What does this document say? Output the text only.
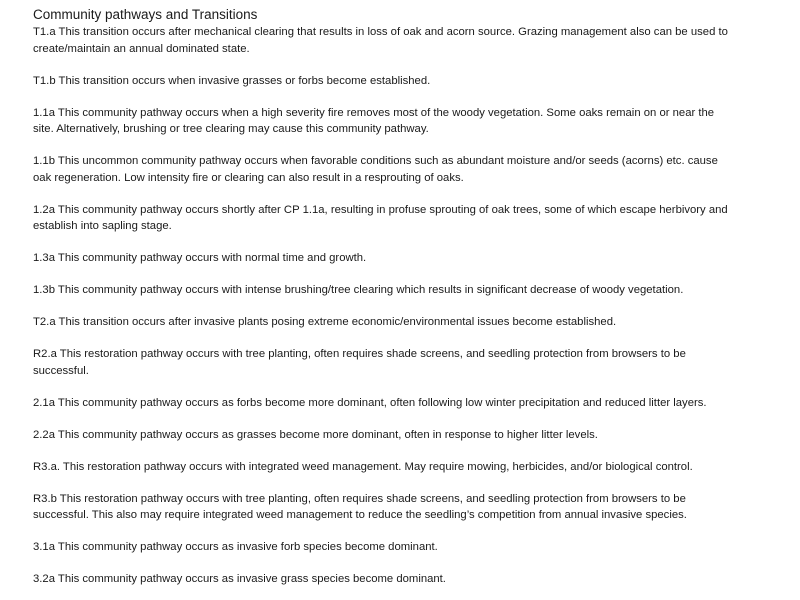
Community pathways and Transitions
T1.a This transition occurs after mechanical clearing that results in loss of oak and acorn source. Grazing management also can be used to
create/maintain an annual dominated state.
T1.b This transition occurs when invasive grasses or forbs become established.
1.1a This community pathway occurs when a high severity fire removes most of the woody vegetation. Some oaks remain on or near the
site. Alternatively, brushing or tree clearing may cause this community pathway.
1.1b This uncommon community pathway occurs when favorable conditions such as abundant moisture and/or seeds (acorns) etc. cause
oak regeneration. Low intensity fire or clearing can also result in a resprouting of oaks.
1.2a This community pathway occurs shortly after CP 1.1a, resulting in profuse sprouting of oak trees, some of which escape herbivory and
establish into sapling stage.
1.3a This community pathway occurs with normal time and growth.
1.3b This community pathway occurs with intense brushing/tree clearing which results in significant decrease of woody vegetation.
T2.a This transition occurs after invasive plants posing extreme economic/environmental issues become established.
R2.a This restoration pathway occurs with tree planting, often requires shade screens, and seedling protection from browsers to be
successful.
2.1a This community pathway occurs as forbs become more dominant, often following low winter precipitation and reduced litter layers.
2.2a This community pathway occurs as grasses become more dominant, often in response to higher litter levels.
R3.a. This restoration pathway occurs with integrated weed management. May require mowing, herbicides, and/or biological control.
R3.b This restoration pathway occurs with tree planting, often requires shade screens, and seedling protection from browsers to be
successful. This also may require integrated weed management to reduce the seedling’s competition from annual invasive species.
3.1a This community pathway occurs as invasive forb species become dominant.
3.2a This community pathway occurs as invasive grass species become dominant.
